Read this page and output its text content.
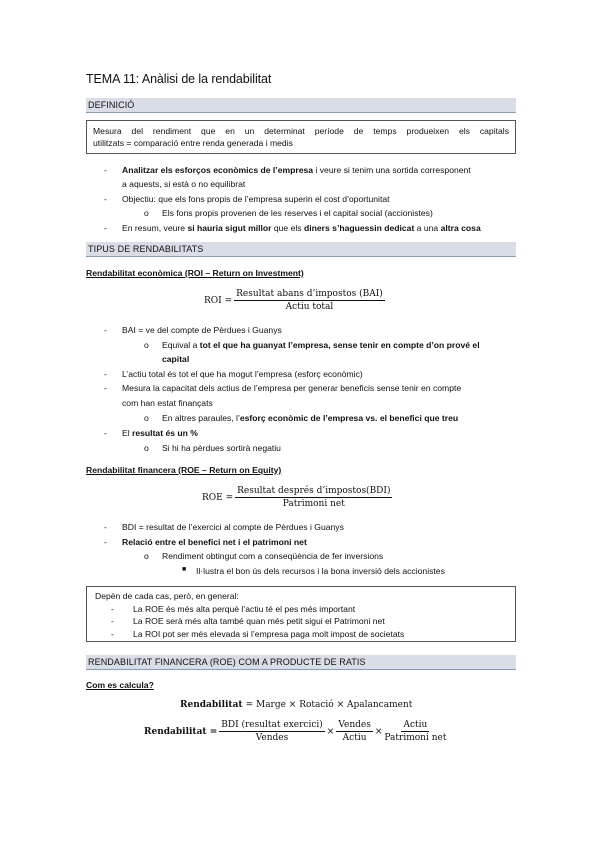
TEMA 11: Anàlisi de la rendabilitat
DEFINICIÓ
Mesura del rendiment que en un determinat període de temps produeixen els capitals
utilitzats = comparació entre renda generada i medis
- Analitzar els esforços econòmics de l’empresa i veure si tenim una sortida corresponent
a aquests, si està o no equilibrat
- Objectiu: que els fons propis de l’empresa superin el cost d’oportunitat
o Els fons propis provenen de les reserves i el capital social (accionistes)
- En resum, veure si hauria sigut millor que els diners s’haguessin dedicat a una altra cosa
TIPUS DE RENDABILITATS
Rendabilitat econòmica (ROI – Return on Investment)
ROI = $\frac{\text{Resultat abans d’impostos (BAI)}}{\text{Actiu total}}$
- BAI = ve del compte de Pèrdues i Guanys
o Equival a tot el que ha guanyat l’empresa, sense tenir en compte d’on prové el
capital
- L’actiu total és tot el que ha mogut l’empresa (esforç econòmic)
- Mesura la capacitat dels actius de l’empresa per generar beneficis sense tenir en compte
com han estat finançats
o En altres paraules, l’esforç econòmic de l’empresa vs. el benefici que treu
- El resultat és un %
o Si hi ha pèrdues sortirà negatiu
Rendabilitat financera (ROE – Return on Equity)
ROE = $\frac{\text{Resultat després d’impostos(BDI)}}{\text{Patrimoni net}}$
- BDI = resultat de l’exercici al compte de Pèrdues i Guanys
- Relació entre el benefici net i el patrimoni net
o Rendiment obtingut com a conseqüència de fer inversions
■ Il·lustra el bon ús dels recursos i la bona inversió dels accionistes
Depèn de cada cas, però, en general:
- La ROE és més alta perquè l’actiu té el pes més important
- La ROE serà més alta també quan més petit sigui el Patrimoni net
- La ROI pot ser més elevada si l’empresa paga molt impost de societats
RENDABILITAT FINANCERA (ROE) COM A PRODUCTE DE RATIS
Com es calcula?
Rendabilitat = Marge × Rotació × Apalancament
Rendabilitat = $\frac{\text{BDI (resultat exercici)}}{\text{Vendes}} \times \frac{\text{Vendes}}{\text{Actiu}} \times \frac{\text{Actiu}}{\text{Patrimoni net}}$
